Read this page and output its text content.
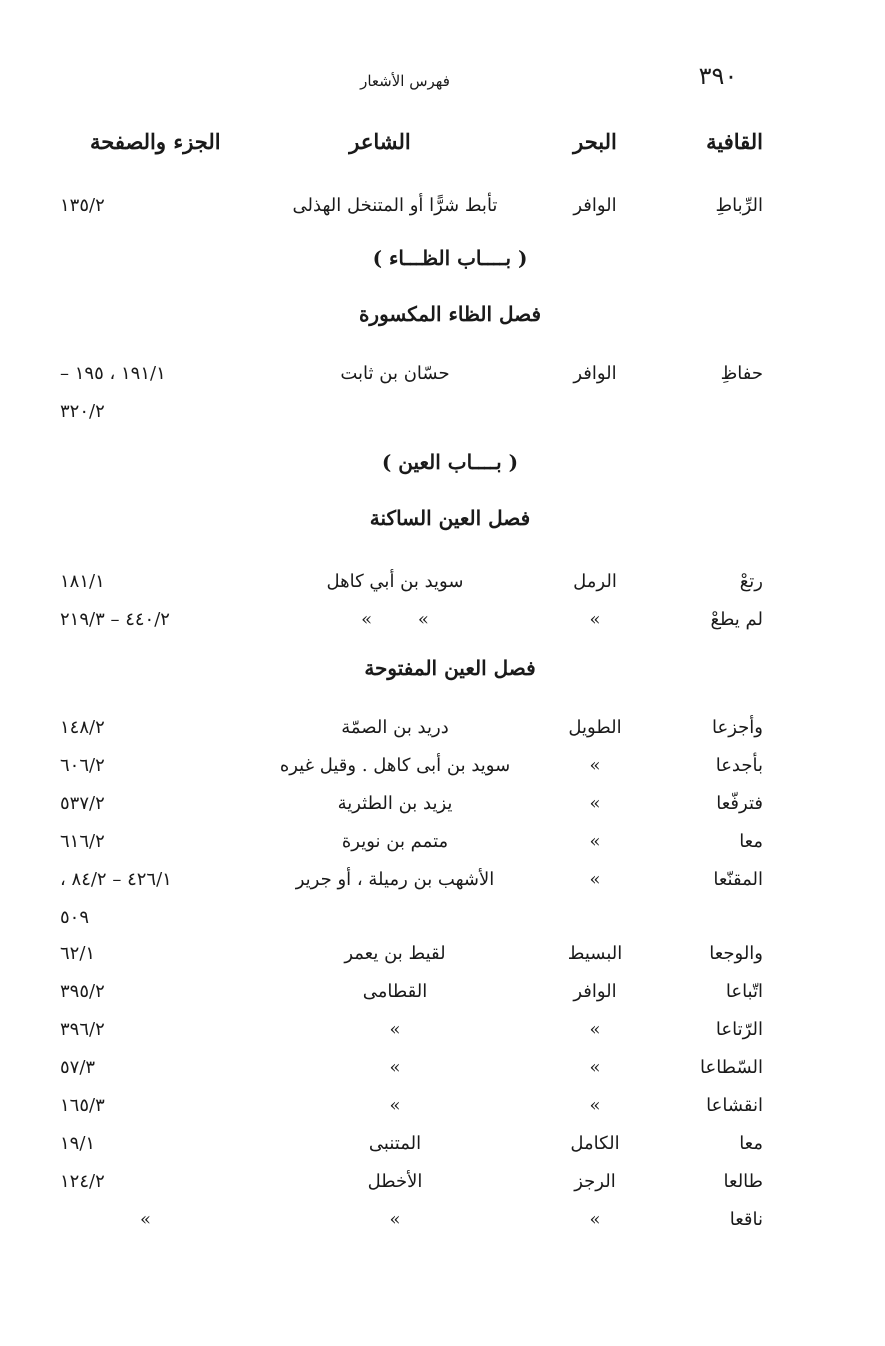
٣٩٠
فهرس الأشعار
القافية
البحر
الشاعر
الجزء والصفحة
الرِّباطِ
الوافر
تأبط شرًّا أو المتنخل الهذلى
١٣٥/٢
( بــــاب الظـــاء )
فصل الظاء المكسورة
حفاظِ
الوافر
حسّان بن ثابت
١٩١/١ ، ١٩٥ –
٣٢٠/٢
( بــــاب العين )
فصل العين الساكنة
رتعْ
الرمل
سويد بن أبي كاهل
١٨١/١
لم يطعْ
»
»        »
٤٤٠/٢ – ٢١٩/٣
فصل العين المفتوحة
وأجزعا
الطويل
دريد بن الصمّة
١٤٨/٢
بأجدعا
»
سويد بن أبى كاهل . وقيل غيره
٦٠٦/٢
فترفّعا
»
يزيد بن الطثرية
٥٣٧/٢
معا
»
متمم بن نويرة
٦١٦/٢
المقنّعا
»
الأشهب بن رميلة ، أو جرير
٤٢٦/١ – ٨٤/٢ ،
٥٠٩
والوجعا
البسيط
لقيط بن يعمر
٦٢/١
اتّباعا
الوافر
القطامى
٣٩٥/٢
الرّتاعا
»
»
٣٩٦/٢
السّطاعا
»
»
٥٧/٣
انقشاعا
»
»
١٦٥/٣
معا
الكامل
المتنبى
١٩/١
طالعا
الرجز
الأخطل
١٢٤/٢
ناقعا
»
»
»
